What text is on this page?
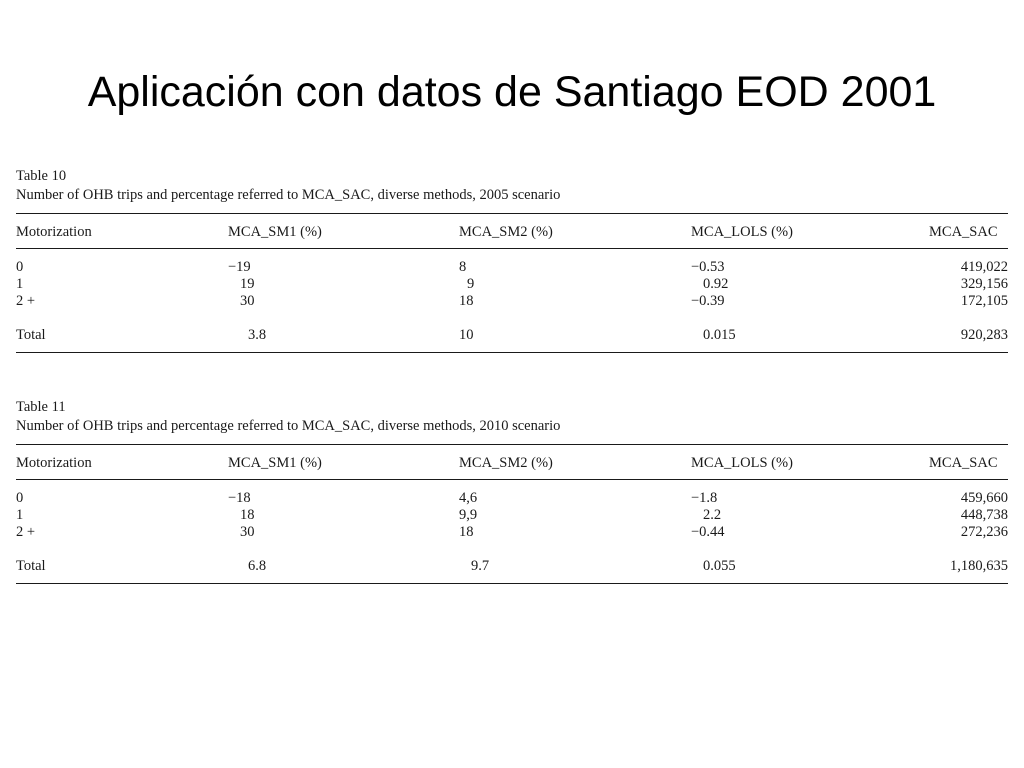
Aplicación con datos de Santiago EOD 2001
Table 10
Number of OHB trips and percentage referred to MCA_SAC, diverse methods, 2005 scenario
Motorization	MCA_SM1 (%)	MCA_SM2 (%)	MCA_LOLS (%)	MCA_SAC
0	−19	8	−0.53	419,022
1	19	9	0.92	329,156
2 +	30	18	−0.39	172,105
Total	3.8	10	0.015	920,283
Table 11
Number of OHB trips and percentage referred to MCA_SAC, diverse methods, 2010 scenario
Motorization	MCA_SM1 (%)	MCA_SM2 (%)	MCA_LOLS (%)	MCA_SAC
0	−18	4,6	−1.8	459,660
1	18	9,9	2.2	448,738
2 +	30	18	−0.44	272,236
Total	6.8	9.7	0.055	1,180,635
